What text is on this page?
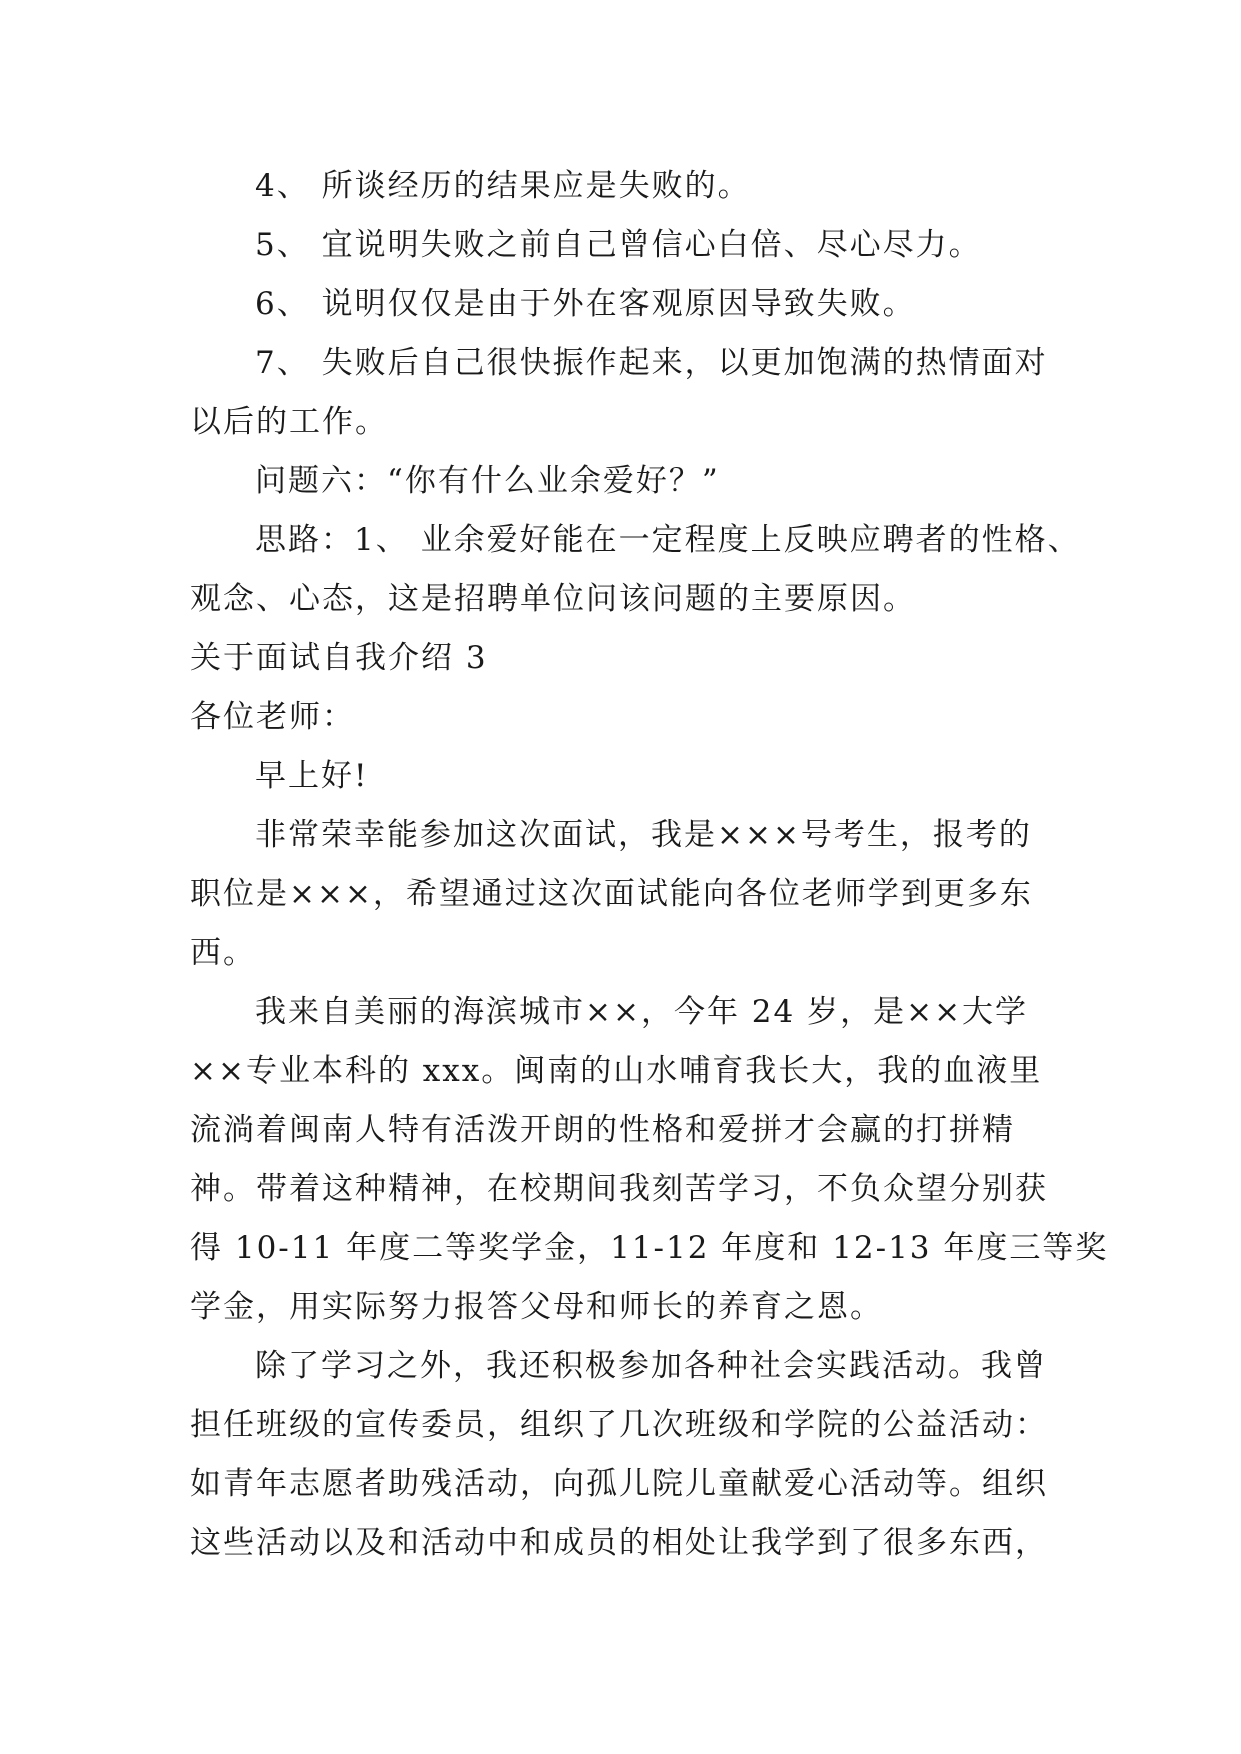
4、 所谈经历的结果应是失败的。
5、 宜说明失败之前自己曾信心白倍、尽心尽力。
6、 说明仅仅是由于外在客观原因导致失败。
7、 失败后自己很快振作起来，以更加饱满的热情面对
以后的工作。
问题六：“你有什么业余爱好？”
思路：1、 业余爱好能在一定程度上反映应聘者的性格、
观念、心态，这是招聘单位问该问题的主要原因。
关于面试自我介绍 3
各位老师：
早上好!
非常荣幸能参加这次面试，我是×××号考生，报考的
职位是×××，希望通过这次面试能向各位老师学到更多东
西。
我来自美丽的海滨城市××，今年 24 岁，是××大学
××专业本科的 xxx。闽南的山水哺育我长大，我的血液里
流淌着闽南人特有活泼开朗的性格和爱拼才会赢的打拼精
神。带着这种精神，在校期间我刻苦学习，不负众望分别获
得 10-11 年度二等奖学金，11-12 年度和 12-13 年度三等奖
学金，用实际努力报答父母和师长的养育之恩。
除了学习之外，我还积极参加各种社会实践活动。我曾
担任班级的宣传委员，组织了几次班级和学院的公益活动：
如青年志愿者助残活动，向孤儿院儿童献爱心活动等。组织
这些活动以及和活动中和成员的相处让我学到了很多东西，
